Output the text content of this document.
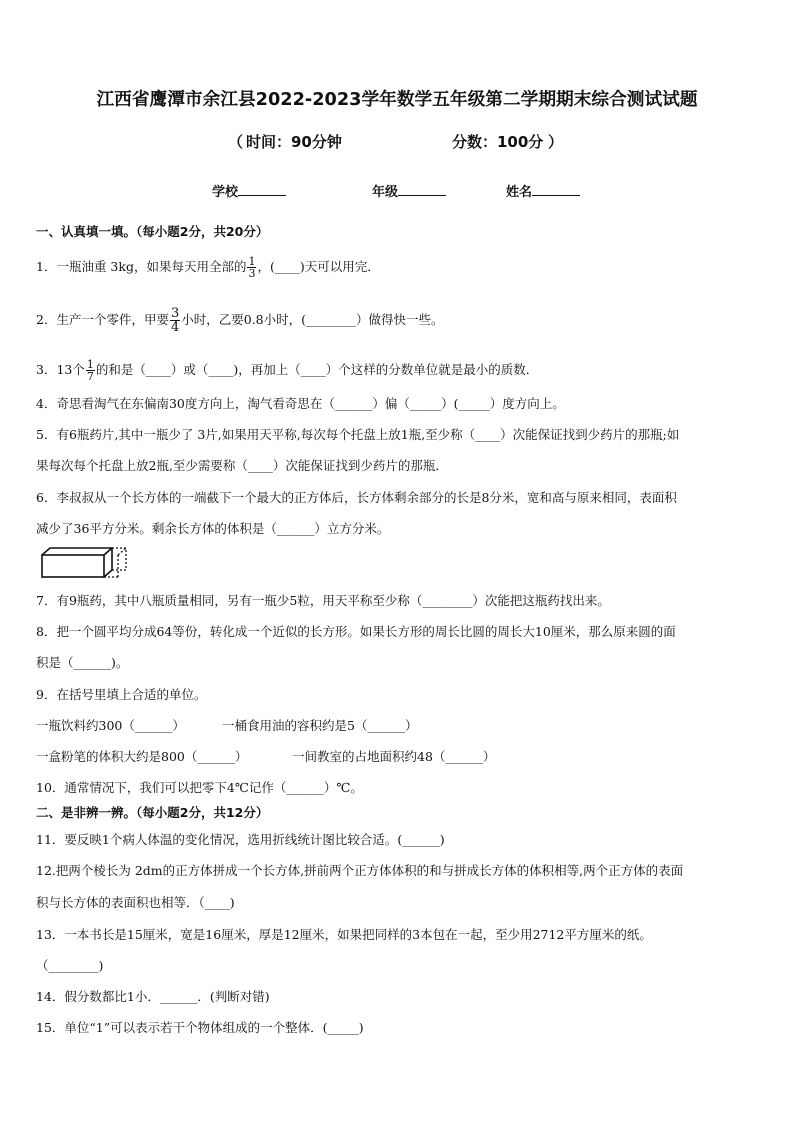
江西省鹰潭市余江县2022-2023学年数学五年级第二学期期末综合测试试题
（ 时间：90分钟	分数：100分 ）
学校	年级	姓名
一、认真填一填。（每小题2分，共20分）
1．一瓶油重 3kg，如果每天用全部的 $\frac{1}{3}$ ，(____)天可以用完．
2．生产一个零件，甲要 $\frac{3}{4}$ 小时，乙要0.8小时，(________）做得快一些。
3．13个 $\frac{1}{7}$ 的和是（____）或（____)，再加上（____）个这样的分数单位就是最小的质数．
4．奇思看淘气在东偏南30度方向上，淘气看奇思在（______）偏（_____）(_____）度方向上。
5．有6瓶药片,其中一瓶少了 3片,如果用天平称,每次每个托盘上放1瓶,至少称（____）次能保证找到少药片的那瓶;如
果每次每个托盘上放2瓶,至少需要称（____）次能保证找到少药片的那瓶．
6．李叔叔从一个长方体的一端截下一个最大的正方体后，长方体剩余部分的长是8分米，宽和高与原来相同，表面积
减少了36平方分米。剩余长方体的体积是（______）立方分米。
7．有9瓶药，其中八瓶质量相同，另有一瓶少5粒，用天平称至少称（________）次能把这瓶药找出来。
8．把一个圆平均分成64等份，转化成一个近似的长方形。如果长方形的周长比圆的周长大10厘米，那么原来圆的面
积是（______)。
9．在括号里填上合适的单位。
一瓶饮料约300（______）	一桶食用油的容积约是5（______）
一盒粉笔的体积大约是800（______）	一间教室的占地面积约48（______）
10．通常情况下，我们可以把零下4℃记作（______）℃。
二、是非辨一辨。（每小题2分，共12分）
11．要反映1个病人体温的变化情况，选用折线统计图比较合适。(______)
12.把两个棱长为 2dm的正方体拼成一个长方体,拼前两个正方体体积的和与拼成长方体的体积相等,两个正方体的表面
积与长方体的表面积也相等．（____)
13．一本书长是15厘米，宽是16厘米，厚是12厘米，如果把同样的3本包在一起，至少用2712平方厘米的纸。
（________)
14．假分数都比1小．______．(判断对错)
15．单位“1”可以表示若干个物体组成的一个整体．(_____)
